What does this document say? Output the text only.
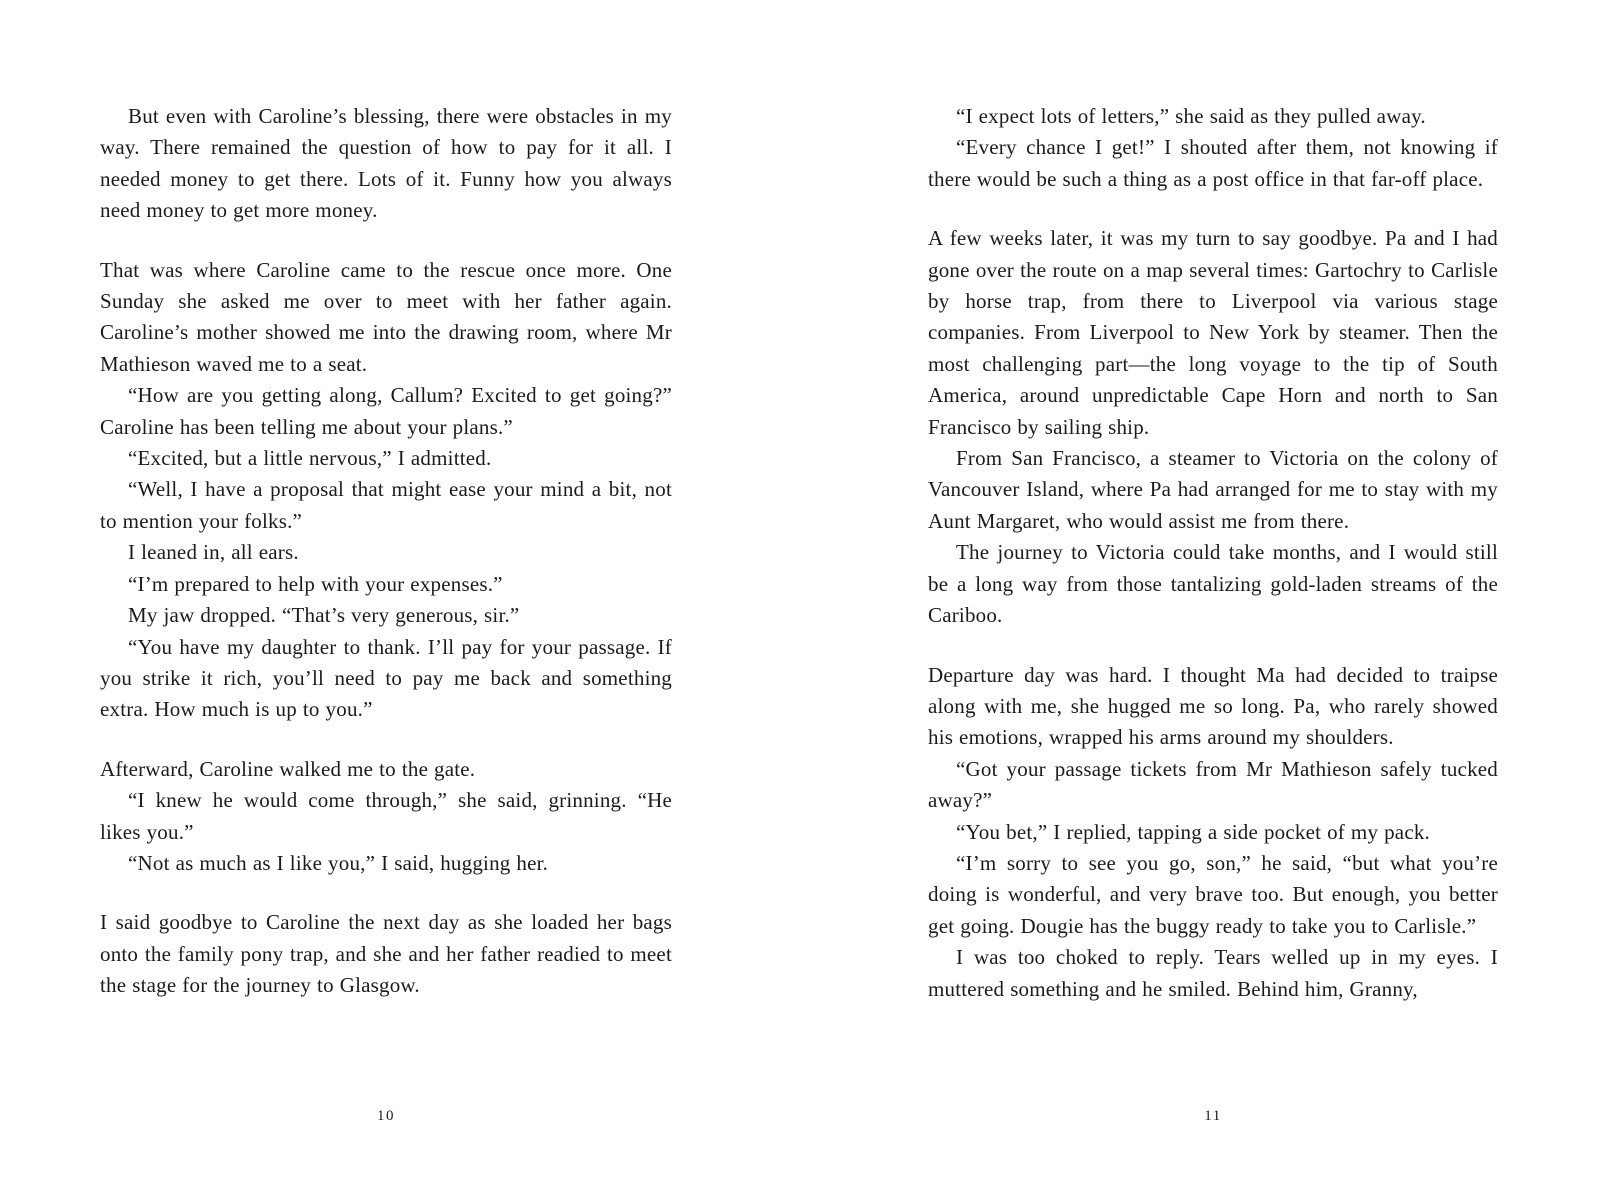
But even with Caroline’s blessing, there were obstacles in my way. There remained the question of how to pay for it all. I needed money to get there. Lots of it. Funny how you always need money to get more money.

That was where Caroline came to the rescue once more. One Sunday she asked me over to meet with her father again. Caroline’s mother showed me into the drawing room, where Mr Mathieson waved me to a seat.

“How are you getting along, Callum? Excited to get going?” Caroline has been telling me about your plans.”

“Excited, but a little nervous,” I admitted.

“Well, I have a proposal that might ease your mind a bit, not to mention your folks.”

I leaned in, all ears.

“I’m prepared to help with your expenses.”

My jaw dropped. “That’s very generous, sir.”

“You have my daughter to thank. I’ll pay for your passage. If you strike it rich, you’ll need to pay me back and something extra. How much is up to you.”

Afterward, Caroline walked me to the gate.

“I knew he would come through,” she said, grinning. “He likes you.”

“Not as much as I like you,” I said, hugging her.

I said goodbye to Caroline the next day as she loaded her bags onto the family pony trap, and she and her father readied to meet the stage for the journey to Glasgow.

10

“I expect lots of letters,” she said as they pulled away.

“Every chance I get!” I shouted after them, not knowing if there would be such a thing as a post office in that far-off place.

A few weeks later, it was my turn to say goodbye. Pa and I had gone over the route on a map several times: Gartochry to Carlisle by horse trap, from there to Liverpool via various stage companies. From Liverpool to New York by steamer. Then the most challenging part—the long voyage to the tip of South America, around unpredictable Cape Horn and north to San Francisco by sailing ship.

From San Francisco, a steamer to Victoria on the colony of Vancouver Island, where Pa had arranged for me to stay with my Aunt Margaret, who would assist me from there.

The journey to Victoria could take months, and I would still be a long way from those tantalizing gold-laden streams of the Cariboo.

Departure day was hard. I thought Ma had decided to traipse along with me, she hugged me so long. Pa, who rarely showed his emotions, wrapped his arms around my shoulders.

“Got your passage tickets from Mr Mathieson safely tucked away?”

“You bet,” I replied, tapping a side pocket of my pack.

“I’m sorry to see you go, son,” he said, “but what you’re doing is wonderful, and very brave too. But enough, you better get going. Dougie has the buggy ready to take you to Carlisle.”

I was too choked to reply. Tears welled up in my eyes. I muttered something and he smiled. Behind him, Granny,

11
